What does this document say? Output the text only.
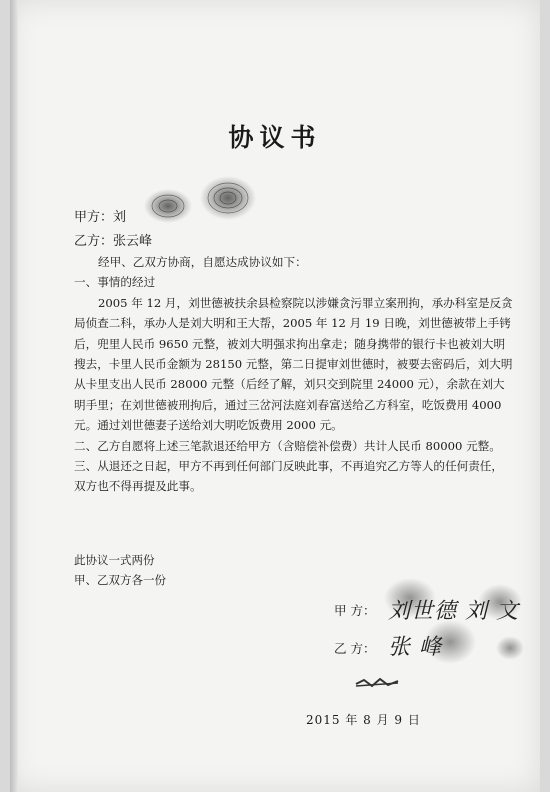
协议书
甲方：刘
乙方：张云峰

经甲、乙双方协商，自愿达成协议如下：

一、事情的经过

2005 年 12 月，刘世德被扶余县检察院以涉嫌贪污罪立案刑拘，承办科室是反贪局侦查二科，承办人是刘大明和王大帮，2005 年 12 月 19 日晚，刘世德被带上手铐后，兜里人民币 9650 元整，被刘大明强求拘出拿走；随身携带的银行卡也被刘大明搜去，卡里人民币金额为 28150 元整，第二日提审刘世德时，被要去密码后，刘大明从卡里支出人民币 28000 元整（后经了解，刘只交到院里 24000 元），余款在刘大明手里；在刘世德被刑拘后，通过三岔河法庭刘春富送给乙方科室，吃饭费用 4000 元。通过刘世德妻子送给刘大明吃饭费用 2000 元。

二、乙方自愿将上述三笔款退还给甲方（含赔偿补偿费）共计人民币 80000 元整。

三、从退还之日起，甲方不再到任何部门反映此事，不再追究乙方等人的任何责任，双方也不得再提及此事。

此协议一式两份
甲、乙双方各一份
甲 方： 刘世德 刘 文
乙 方： 张 峰
2015 年 8 月 9 日
